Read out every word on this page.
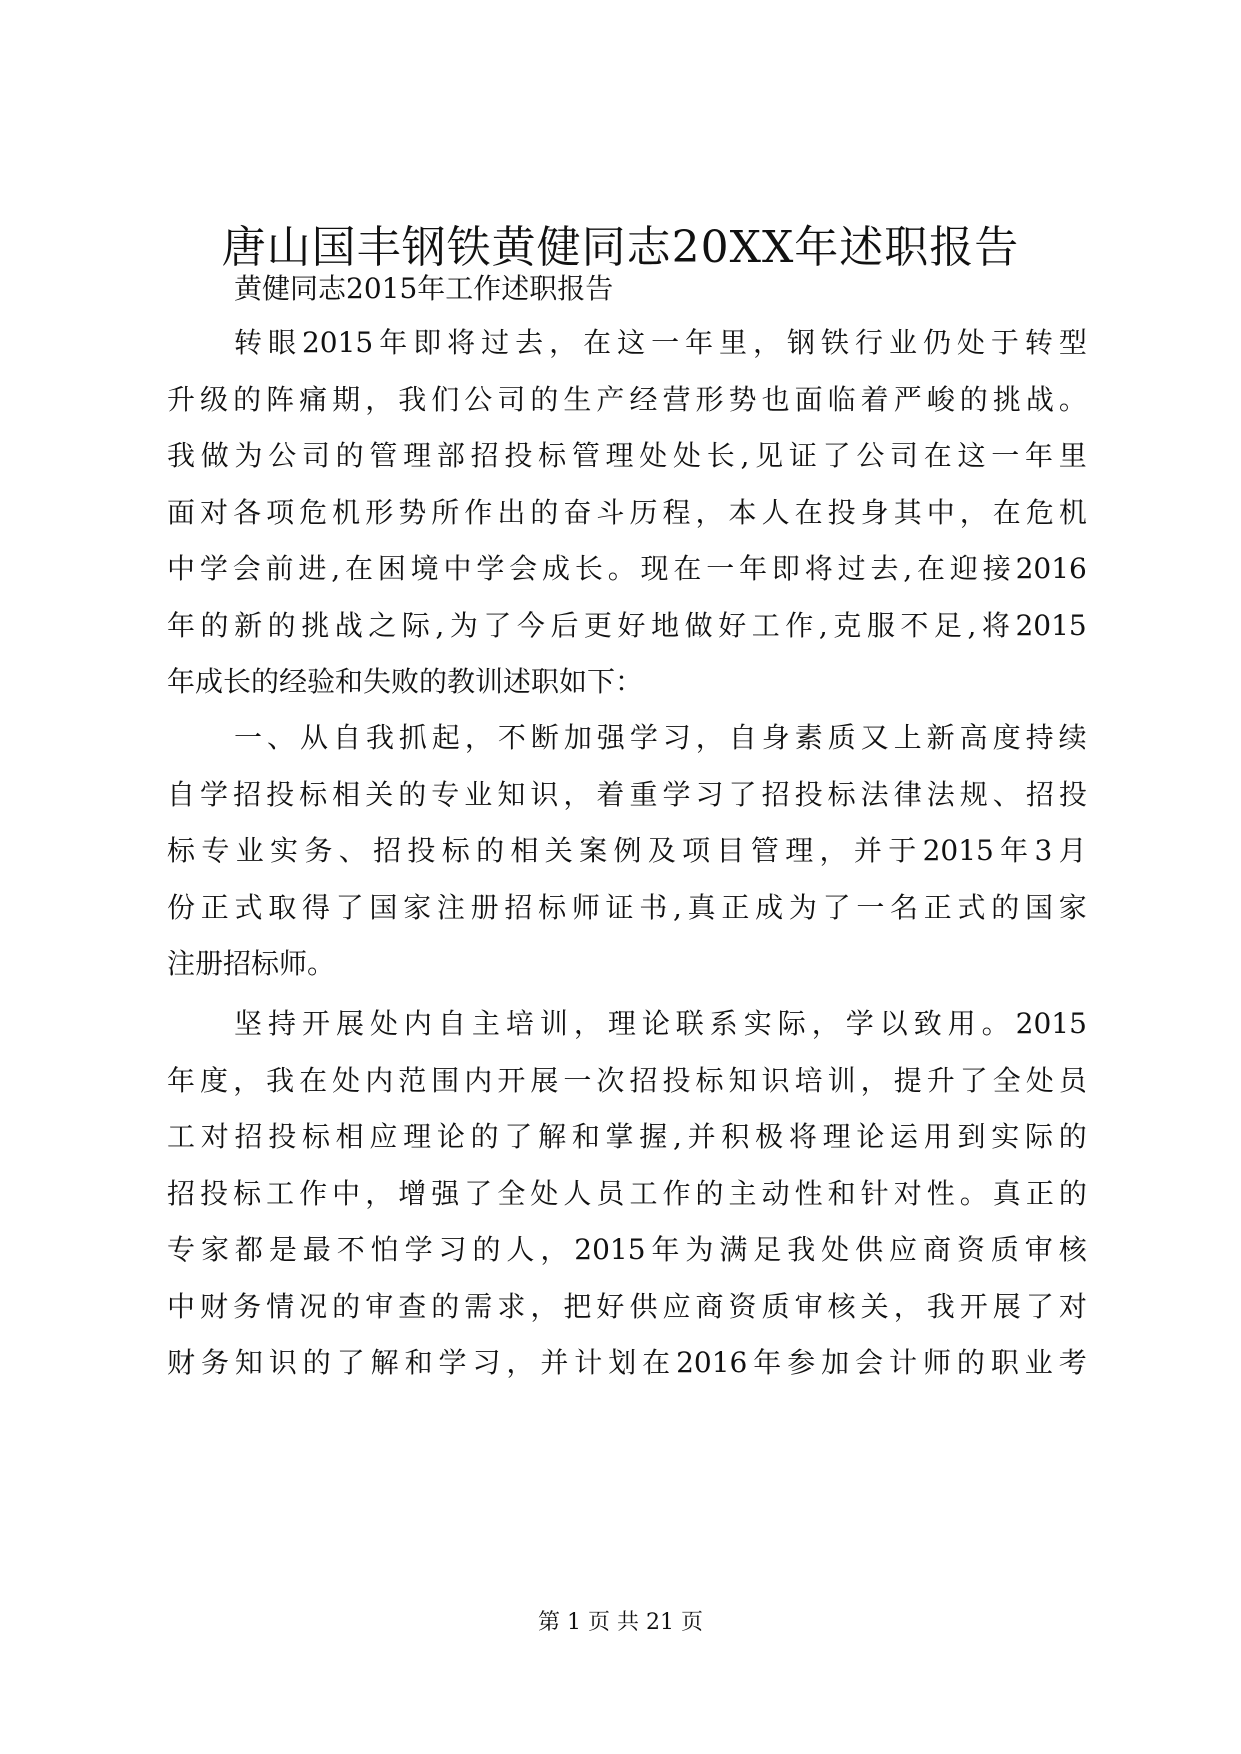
唐山国丰钢铁黄健同志20XX年述职报告

黄健同志2015年工作述职报告

转 眼 2015 年 即 将 过 去 ， 在 这 一 年 里 ， 钢 铁 行 业 仍 处 于 转 型

升 级 的 阵 痛 期 ， 我 们 公 司 的 生 产 经 营 形 势 也 面 临 着 严 峻 的 挑 战 。

我 做 为 公 司 的 管 理 部 招 投 标 管 理 处 处 长 , 见 证 了 公 司 在 这 一 年 里

面 对 各 项 危 机 形 势 所 作 出 的 奋 斗 历 程 ， 本 人 在 投 身 其 中 ， 在 危 机

中 学 会 前 进 , 在 困 境 中 学 会 成 长 。 现 在 一 年 即 将 过 去 , 在 迎 接 2016

年 的 新 的 挑 战 之 际 , 为 了 今 后 更 好 地 做 好 工 作 , 克 服 不 足 , 将 2015

年成长的经验和失败的教训述职如下：

一 、 从 自 我 抓 起 ， 不 断 加 强 学 习 ， 自 身 素 质 又 上 新 高 度 持 续

自 学 招 投 标 相 关 的 专 业 知 识 ， 着 重 学 习 了 招 投 标 法 律 法 规 、 招 投

标 专 业 实 务 、 招 投 标 的 相 关 案 例 及 项 目 管 理 ， 并 于 2015 年 3 月

份 正 式 取 得 了 国 家 注 册 招 标 师 证 书 , 真 正 成 为 了 一 名 正 式 的 国 家

注册招标师。

坚 持 开 展 处 内 自 主 培 训 ， 理 论 联 系 实 际 ， 学 以 致 用 。 2015

年 度 ， 我 在 处 内 范 围 内 开 展 一 次 招 投 标 知 识 培 训 ， 提 升 了 全 处 员

工 对 招 投 标 相 应 理 论 的 了 解 和 掌 握 , 并 积 极 将 理 论 运 用 到 实 际 的

招 投 标 工 作 中 ， 增 强 了 全 处 人 员 工 作 的 主 动 性 和 针 对 性 。 真 正 的

专 家 都 是 最 不 怕 学 习 的 人 ， 2015 年 为 满 足 我 处 供 应 商 资 质 审 核

中 财 务 情 况 的 审 查 的 需 求 ， 把 好 供 应 商 资 质 审 核 关 ， 我 开 展 了 对

财 务 知 识 的 了 解 和 学 习 ， 并 计 划 在 2016 年 参 加 会 计 师 的 职 业 考

第 1 页 共 21 页
